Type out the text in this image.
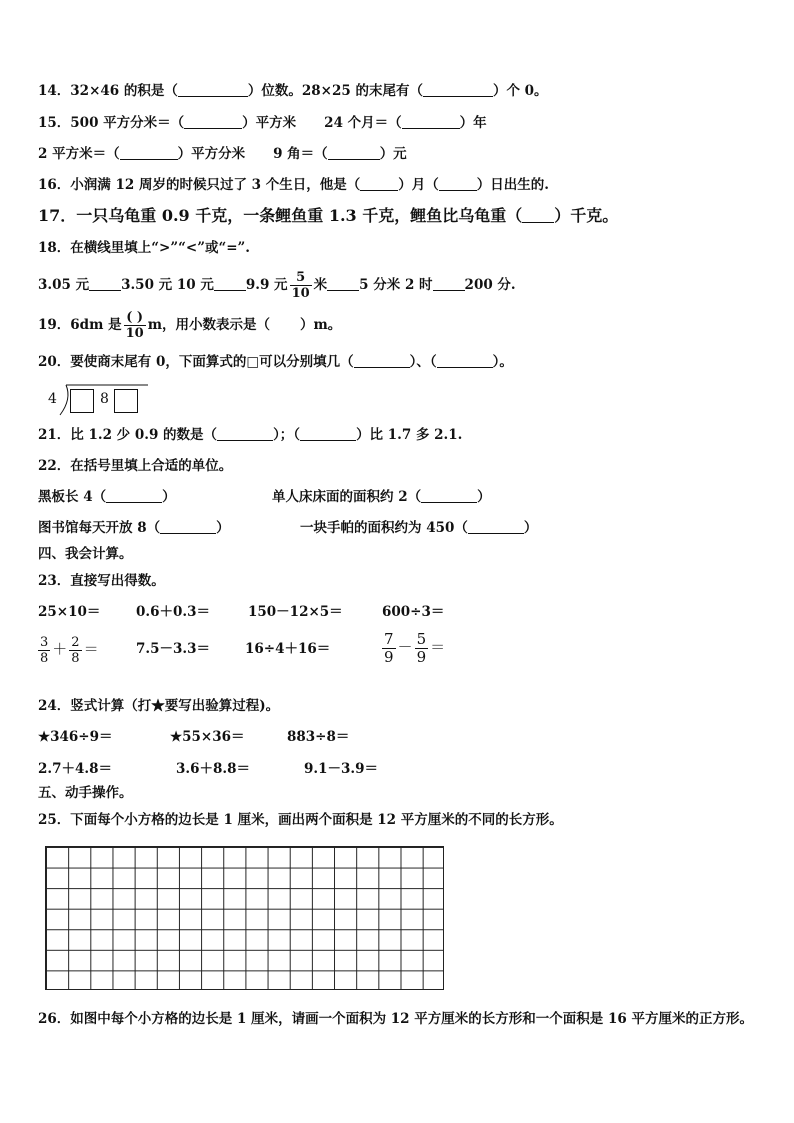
14．32×46 的积是（	）位数。28×25 的末尾有（	）个 0。
15．500 平方分米＝（	）平方米 24 个月＝（	）年
2 平方米＝（	）平方分米 9 角＝（	）元
16．小润满 12 周岁的时候只过了 3 个生日，他是（	）月（	）日出生的.
17．一只乌龟重 0.9 千克，一条鲤鱼重 1.3 千克，鲤鱼比乌龟重（ ）千克。
18．在横线里填上“>”“<”或“=”.
3.05 元 3.50 元 10 元 9.9 元 $\frac{5}{10}$ 米 5 分米 2 时 200 分.
19．6dm 是 $\frac{( )}{10}$ m，用小数表示是（ ）m。
20．要使商末尾有 0，下面算式的□可以分别填几（	）、（	）。
4	8
21．比 1.2 少 0.9 的数是（	）；（	）比 1.7 多 2.1.
22．在括号里填上合适的单位。
黑板长 4（	）	单人床床面的面积约 2（	）
图书馆每天开放 8（	）	一块手帕的面积约为 450（	）
四、我会计算。
23．直接写出得数。
25×10＝	0.6＋0.3＝	150－12×5＝	600÷3＝
$\frac{3}{8} + \frac{2}{8}$ ＝	7.5－3.3＝	16÷4＋16＝	$\frac{7}{9} - \frac{5}{9}$ ＝
24．竖式计算（打★要写出验算过程)。
★346÷9＝	★55×36＝	883÷8＝
2.7＋4.8＝	3.6＋8.8＝	9.1－3.9＝
五、动手操作。
25．下面每个小方格的边长是 1 厘米，画出两个面积是 12 平方厘米的不同的长方形。
26．如图中每个小方格的边长是 1 厘米，请画一个面积为 12 平方厘米的长方形和一个面积是 16 平方厘米的正方形。
